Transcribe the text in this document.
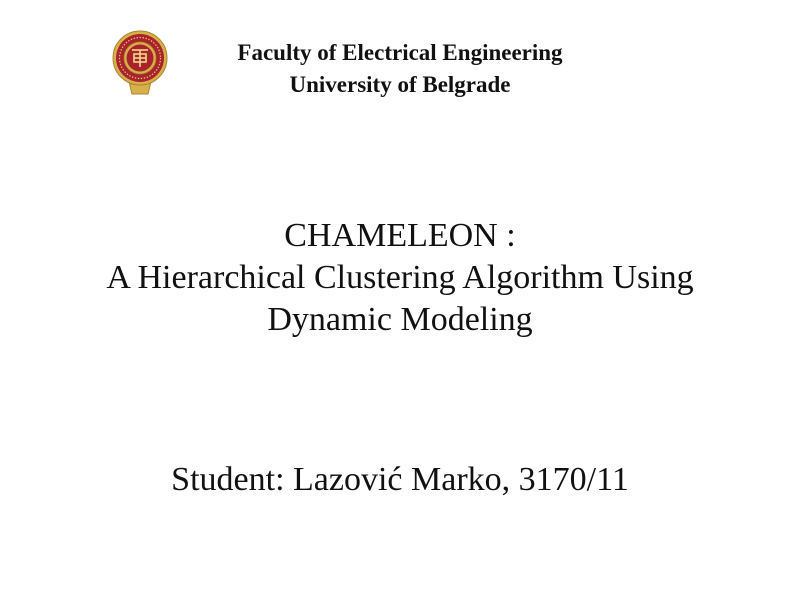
Faculty of Electrical Engineering
University of Belgrade
CHAMELEON :
A Hierarchical Clustering Algorithm Using
Dynamic Modeling
Student: Lazović Marko, 3170/11
